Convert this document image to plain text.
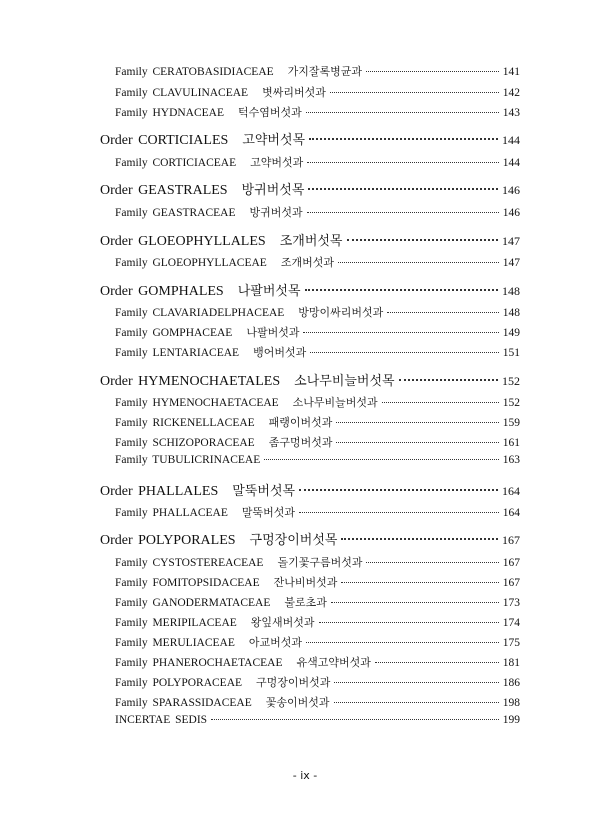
Family CERATOBASIDIACEAE 가지잘록병균과	141
Family CLAVULINACEAE 볏싸리버섯과	142
Family HYDNACEAE 턱수염버섯과	143
Order CORTICIALES 고약버섯목	144
Family CORTICIACEAE 고약버섯과	144
Order GEASTRALES 방귀버섯목	146
Family GEASTRACEAE 방귀버섯과	146
Order GLOEOPHYLLALES 조개버섯목	147
Family GLOEOPHYLLACEAE 조개버섯과	147
Order GOMPHALES 나팔버섯목	148
Family CLAVARIADELPHACEAE 방망이싸리버섯과	148
Family GOMPHACEAE 나팔버섯과	149
Family LENTARIACEAE 뱅어버섯과	151
Order HYMENOCHAETALES 소나무비늘버섯목	152
Family HYMENOCHAETACEAE 소나무비늘버섯과	152
Family RICKENELLACEAE 패랭이버섯과	159
Family SCHIZOPORACEAE 좀구멍버섯과	161
Family TUBULICRINACEAE	163
Order PHALLALES 말뚝버섯목	164
Family PHALLACEAE 말뚝버섯과	164
Order POLYPORALES 구멍장이버섯목	167
Family CYSTOSTEREACEAE 돌기꽃구름버섯과	167
Family FOMITOPSIDACEAE 잔나비버섯과	167
Family GANODERMATACEAE 불로초과	173
Family MERIPILACEAE 왕잎새버섯과	174
Family MERULIACEAE 아교버섯과	175
Family PHANEROCHAETACEAE 유색고약버섯과	181
Family POLYPORACEAE 구멍장이버섯과	186
Family SPARASSIDACEAE 꽃송이버섯과	198
INCERTAE SEDIS	199
- ix -
